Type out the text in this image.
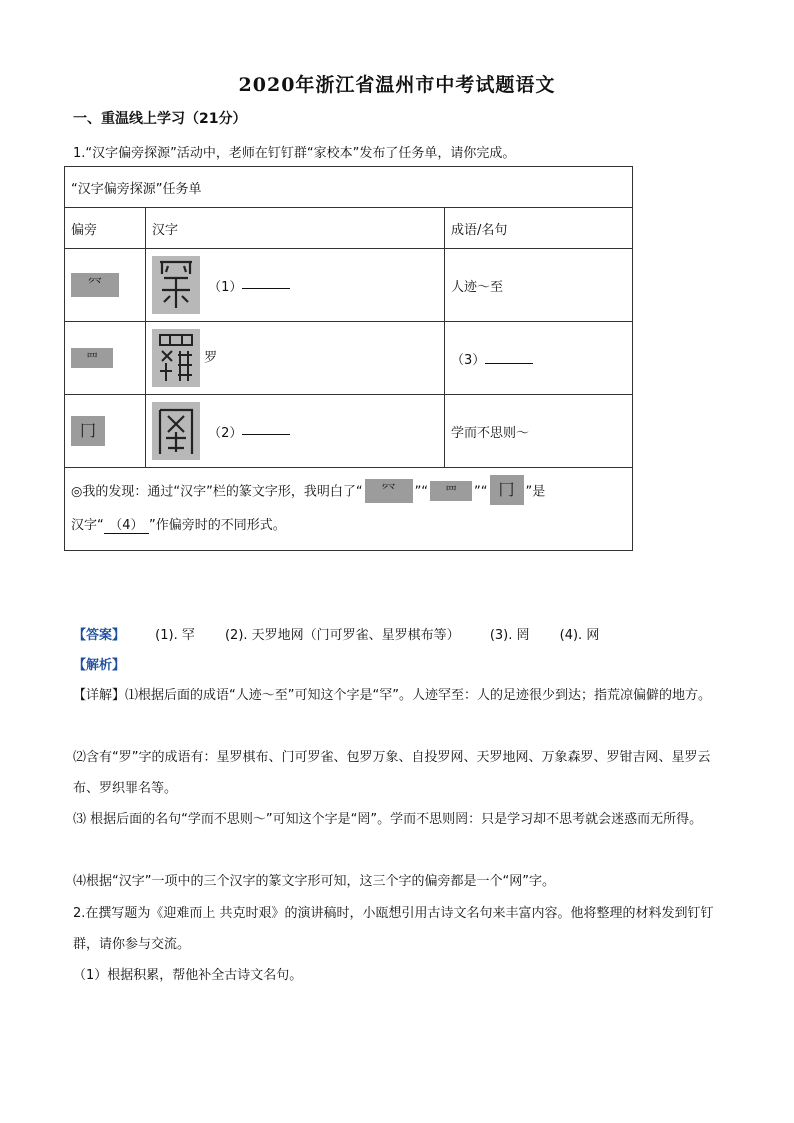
2020年浙江省温州市中考试题语文
一、重温线上学习（21分）
1.“汉字偏旁探源”活动中，老师在钉钉群“家校本”发布了任务单，请你完成。
“汉字偏旁探源”任务单		
偏旁	汉字	成语/名句
⺳	（1）	人迹～至
⺲	罗	（3）
冂	（2）	学而不思则～

◎我的发现：通过“汉字”栏的篆文字形，我明白了“ ⺳ ”“ ⺲ ”“ 冂 ”是
汉字“ （4） ”作偏旁时的不同形式。		
【答案】 (1). 罕 (2). 天罗地网（门可罗雀、星罗棋布等） (3). 罔 (4). 网
【解析】
【详解】⑴根据后面的成语“人迹～至”可知这个字是“罕”。人迹罕至：人的足迹很少到达；指荒凉偏僻的地方。
⑵含有“罗”字的成语有：星罗棋布、门可罗雀、包罗万象、自投罗网、天罗地网、万象森罗、罗钳吉网、星罗云布、罗织罪名等。
⑶ 根据后面的名句“学而不思则～”可知这个字是“罔”。学而不思则罔：只是学习却不思考就会迷惑而无所得。
⑷根据“汉字”一项中的三个汉字的篆文字形可知，这三个字的偏旁都是一个“网”字。
2.在撰写题为《迎难而上 共克时艰》的演讲稿时，小瓯想引用古诗文名句来丰富内容。他将整理的材料发到钉钉群，请你参与交流。
（1）根据积累，帮他补全古诗文名句。
